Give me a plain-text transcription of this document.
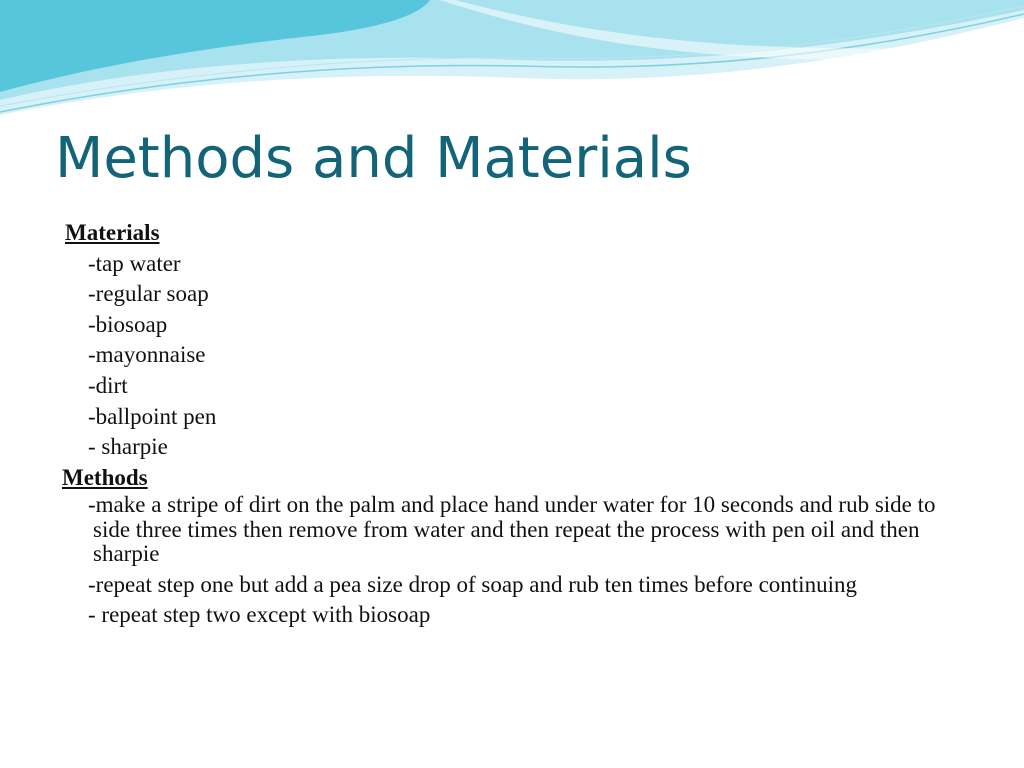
Methods and Materials
Materials
-tap water
-regular soap
-biosoap
-mayonnaise
-dirt
-ballpoint pen
- sharpie
Methods
-make a stripe of dirt on the palm and place hand under water for 10 seconds and rub side to side three times then remove from water and then repeat the process with pen oil and then sharpie
-repeat step one but add a pea size drop of soap and rub ten times before continuing
- repeat step two except with biosoap
